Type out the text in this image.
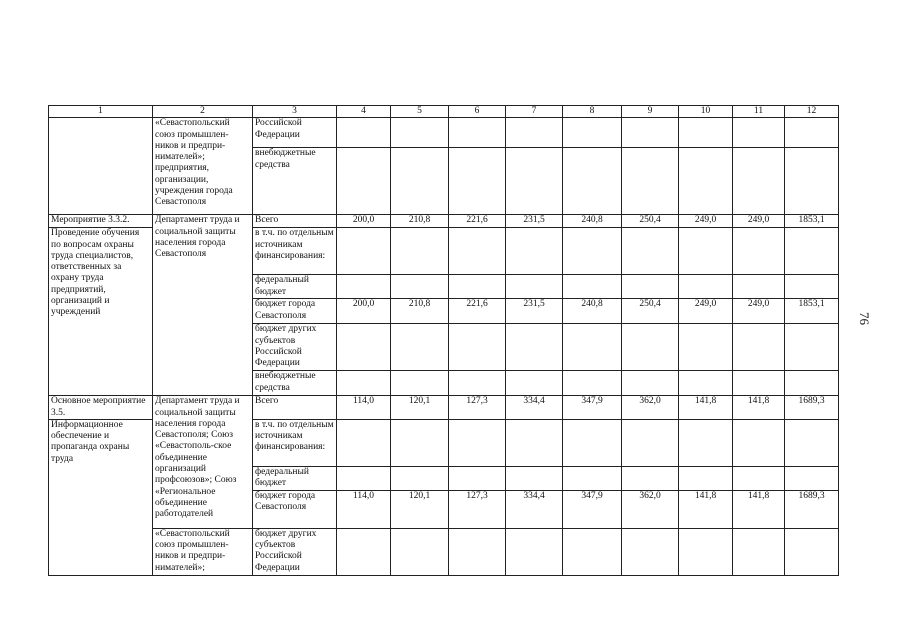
1	2	3	4	5	6	7	8	9	10	11	12
	«Севастопольский союз промышлен-ников и предпри-нимателей»; предприятия, организации, учреждения города Севастополя	Российской Федерации									
		внебюджетные средства									
Мероприятие 3.3.2.	Департамент труда и социальной защиты населения города Севастополя	Всего	200,0	210,8	221,6	231,5	240,8	250,4	249,0	249,0	1853,1
Проведение обучения по вопросам охраны труда специалистов, ответственных за охрану труда предприятий, организаций и учреждений		в т.ч. по отдельным источникам финансирования:									
		федеральный бюджет									
		бюджет города Севастополя	200,0	210,8	221,6	231,5	240,8	250,4	249,0	249,0	1853,1
		бюджет других субъектов Российской Федерации									
		внебюджетные средства									
Основное мероприятие 3.5.	Департамент труда и социальной защиты населения города Севастополя; Союз «Севастополь-ское объединение организаций профсоюзов»; Союз «Региональное объединение работодателей	Всего	114,0	120,1	127,3	334,4	347,9	362,0	141,8	141,8	1689,3
Информационное обеспечение и пропаганда охраны труда		в т.ч. по отдельным источникам финансирования:									
		федеральный бюджет									
		бюджет города Севастополя	114,0	120,1	127,3	334,4	347,9	362,0	141,8	141,8	1689,3
	«Севастопольский союз промышлен-ников и предпри-нимателей»;	бюджет других субъектов Российской Федерации									
76
